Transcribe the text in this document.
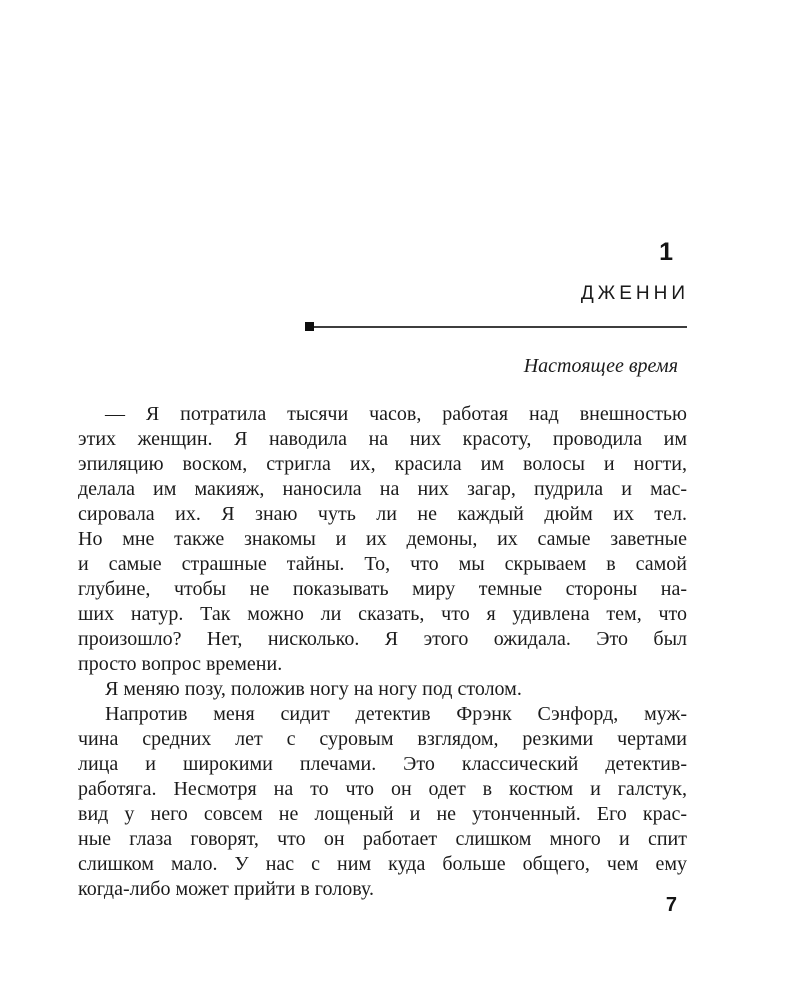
1
ДЖЕННИ
Настоящее время
— Я потратила тысячи часов, работая над внешностью
этих женщин. Я наводила на них красоту, проводила им
эпиляцию воском, стригла их, красила им волосы и ногти,
делала им макияж, наносила на них загар, пудрила и мас-
сировала их. Я знаю чуть ли не каждый дюйм их тел.
Но мне также знакомы и их демоны, их самые заветные
и самые страшные тайны. То, что мы скрываем в самой
глубине, чтобы не показывать миру темные стороны на-
ших натур. Так можно ли сказать, что я удивлена тем, что
произошло? Нет, нисколько. Я этого ожидала. Это был
просто вопрос времени.
Я меняю позу, положив ногу на ногу под столом.
Напротив меня сидит детектив Фрэнк Сэнфорд, муж-
чина средних лет с суровым взглядом, резкими чертами
лица и широкими плечами. Это классический детектив-
работяга. Несмотря на то что он одет в костюм и галстук,
вид у него совсем не лощеный и не утонченный. Его крас-
ные глаза говорят, что он работает слишком много и спит
слишком мало. У нас с ним куда больше общего, чем ему
когда-либо может прийти в голову.
7
